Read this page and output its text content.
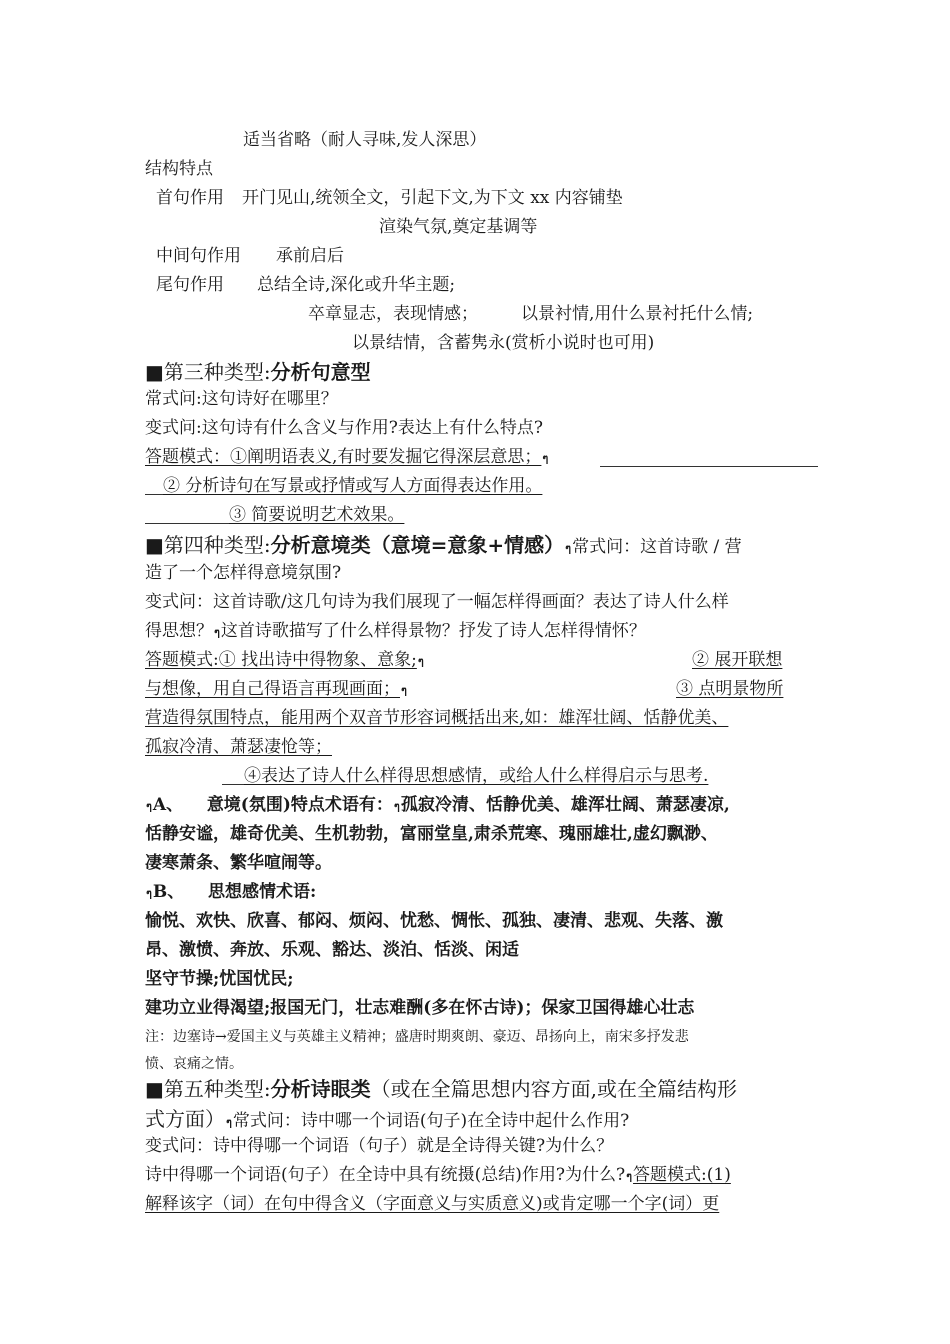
适当省略（耐人寻味,发人深思）
结构特点
首句作用 开门见山,统领全文，引起下文,为下文 xx 内容铺垫
渲染气氛,奠定基调等
中间句作用 承前启后
尾句作用 总结全诗,深化或升华主题;
卒章显志，表现情感；	以景衬情,用什么景衬托什么情;
以景结情，含蓄隽永(赏析小说时也可用)
■第三种类型:分析句意型
常式问:这句诗好在哪里？
变式问:这句诗有什么含义与作用?表达上有什么特点?
答题模式：①阐明语表义,有时要发掘它得深层意思；ๆ
② 分析诗句在写景或抒情或写人方面得表达作用。
③ 简要说明艺术效果。
■第四种类型:分析意境类（意境=意象+情感）ๆ常式问：这首诗歌 / 营
造了一个怎样得意境氛围?
变式问：这首诗歌/这几句诗为我们展现了一幅怎样得画面？表达了诗人什么样
得思想？ๆ这首诗歌描写了什么样得景物？抒发了诗人怎样得情怀？
答题模式:① 找出诗中得物象、意象;ๆ	② 展开联想
与想像，用自己得语言再现画面；ๆ	③ 点明景物所
营造得氛围特点，能用两个双音节形容词概括出来,如：雄浑壮阔、恬静优美、
孤寂冷清、萧瑟凄怆等；
④表达了诗人什么样得思想感情，或给人什么样得启示与思考.
ๆA、 意境(氛围)特点术语有：ๆ孤寂冷清、恬静优美、雄浑壮阔、萧瑟凄凉,
恬静安谧，雄奇优美、生机勃勃，富丽堂皇,肃杀荒寒、瑰丽雄壮,虚幻飘渺、
凄寒萧条、繁华喧闹等。
ๆB、 思想感情术语:
愉悦、欢快、欣喜、郁闷、烦闷、忧愁、惆怅、孤独、凄清、悲观、失落、激
昂、激愤、奔放、乐观、豁达、淡泊、恬淡、闲适
坚守节操;忧国忧民;
建功立业得渴望;报国无门，壮志难酬(多在怀古诗)；保家卫国得雄心壮志
注：边塞诗→爱国主义与英雄主义精神；盛唐时期爽朗、豪迈、昂扬向上，南宋多抒发悲
愤、哀痛之情。
■第五种类型:分析诗眼类（或在全篇思想内容方面,或在全篇结构形
式方面）ๆ常式问：诗中哪一个词语(句子)在全诗中起什么作用?
变式问：诗中得哪一个词语（句子）就是全诗得关键?为什么？
诗中得哪一个词语(句子）在全诗中具有统摄(总结)作用?为什么?ๆ答题模式:(1)
解释该字（词）在句中得含义（字面意义与实质意义)或肯定哪一个字(词）更
